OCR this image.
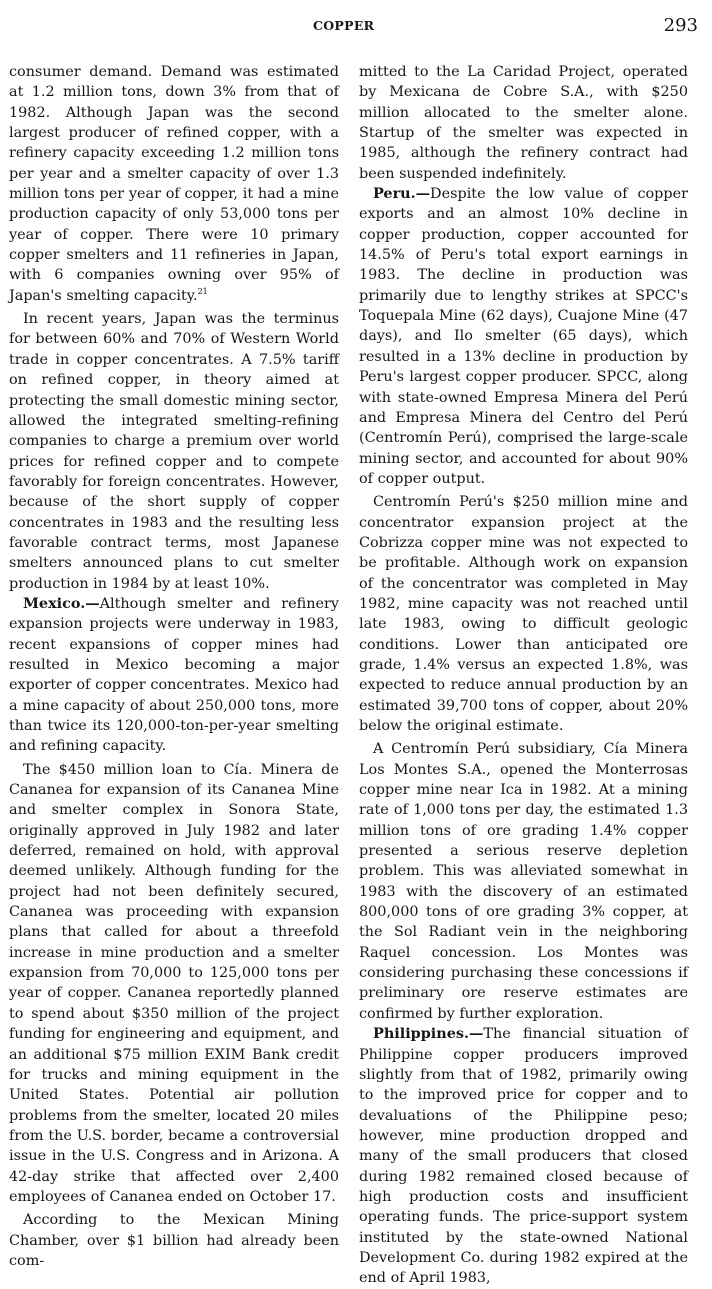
COPPER	293

consumer demand. Demand was estimated at 1.2 million tons, down 3% from that of 1982. Although Japan was the second largest producer of refined copper, with a refinery capacity exceeding 1.2 million tons per year and a smelter capacity of over 1.3 million tons per year of copper, it had a mine production capacity of only 53,000 tons per year of copper. There were 10 primary copper smelters and 11 refineries in Japan, with 6 companies owning over 95% of Japan's smelting capacity.$^{21}$

In recent years, Japan was the terminus for between 60% and 70% of Western World trade in copper concentrates. A 7.5% tariff on refined copper, in theory aimed at protecting the small domestic mining sector, allowed the integrated smelting-refining companies to charge a premium over world prices for refined copper and to compete favorably for foreign concentrates. However, because of the short supply of copper concentrates in 1983 and the resulting less favorable contract terms, most Japanese smelters announced plans to cut smelter production in 1984 by at least 10%.

Mexico.—Although smelter and refinery expansion projects were underway in 1983, recent expansions of copper mines had resulted in Mexico becoming a major exporter of copper concentrates. Mexico had a mine capacity of about 250,000 tons, more than twice its 120,000-ton-per-year smelting and refining capacity.

The $450 million loan to Cía. Minera de Cananea for expansion of its Cananea Mine and smelter complex in Sonora State, originally approved in July 1982 and later deferred, remained on hold, with approval deemed unlikely. Although funding for the project had not been definitely secured, Cananea was proceeding with expansion plans that called for about a threefold increase in mine production and a smelter expansion from 70,000 to 125,000 tons per year of copper. Cananea reportedly planned to spend about $350 million of the project funding for engineering and equipment, and an additional $75 million EXIM Bank credit for trucks and mining equipment in the United States. Potential air pollution problems from the smelter, located 20 miles from the U.S. border, became a controversial issue in the U.S. Congress and in Arizona. A 42-day strike that affected over 2,400 employees of Cananea ended on October 17.

According to the Mexican Mining Chamber, over $1 billion had already been com-

mitted to the La Caridad Project, operated by Mexicana de Cobre S.A., with $250 million allocated to the smelter alone. Startup of the smelter was expected in 1985, although the refinery contract had been suspended indefinitely.

Peru.—Despite the low value of copper exports and an almost 10% decline in copper production, copper accounted for 14.5% of Peru's total export earnings in 1983. The decline in production was primarily due to lengthy strikes at SPCC's Toquepala Mine (62 days), Cuajone Mine (47 days), and Ilo smelter (65 days), which resulted in a 13% decline in production by Peru's largest copper producer. SPCC, along with state-owned Empresa Minera del Perú and Empresa Minera del Centro del Perú (Centromín Perú), comprised the large-scale mining sector, and accounted for about 90% of copper output.

Centromín Perú's $250 million mine and concentrator expansion project at the Cobrizza copper mine was not expected to be profitable. Although work on expansion of the concentrator was completed in May 1982, mine capacity was not reached until late 1983, owing to difficult geologic conditions. Lower than anticipated ore grade, 1.4% versus an expected 1.8%, was expected to reduce annual production by an estimated 39,700 tons of copper, about 20% below the original estimate.

A Centromín Perú subsidiary, Cía Minera Los Montes S.A., opened the Monterrosas copper mine near Ica in 1982. At a mining rate of 1,000 tons per day, the estimated 1.3 million tons of ore grading 1.4% copper presented a serious reserve depletion problem. This was alleviated somewhat in 1983 with the discovery of an estimated 800,000 tons of ore grading 3% copper, at the Sol Radiant vein in the neighboring Raquel concession. Los Montes was considering purchasing these concessions if preliminary ore reserve estimates are confirmed by further exploration.

Philippines.—The financial situation of Philippine copper producers improved slightly from that of 1982, primarily owing to the improved price for copper and to devaluations of the Philippine peso; however, mine production dropped and many of the small producers that closed during 1982 remained closed because of high production costs and insufficient operating funds. The price-support system instituted by the state-owned National Development Co. during 1982 expired at the end of April 1983,
